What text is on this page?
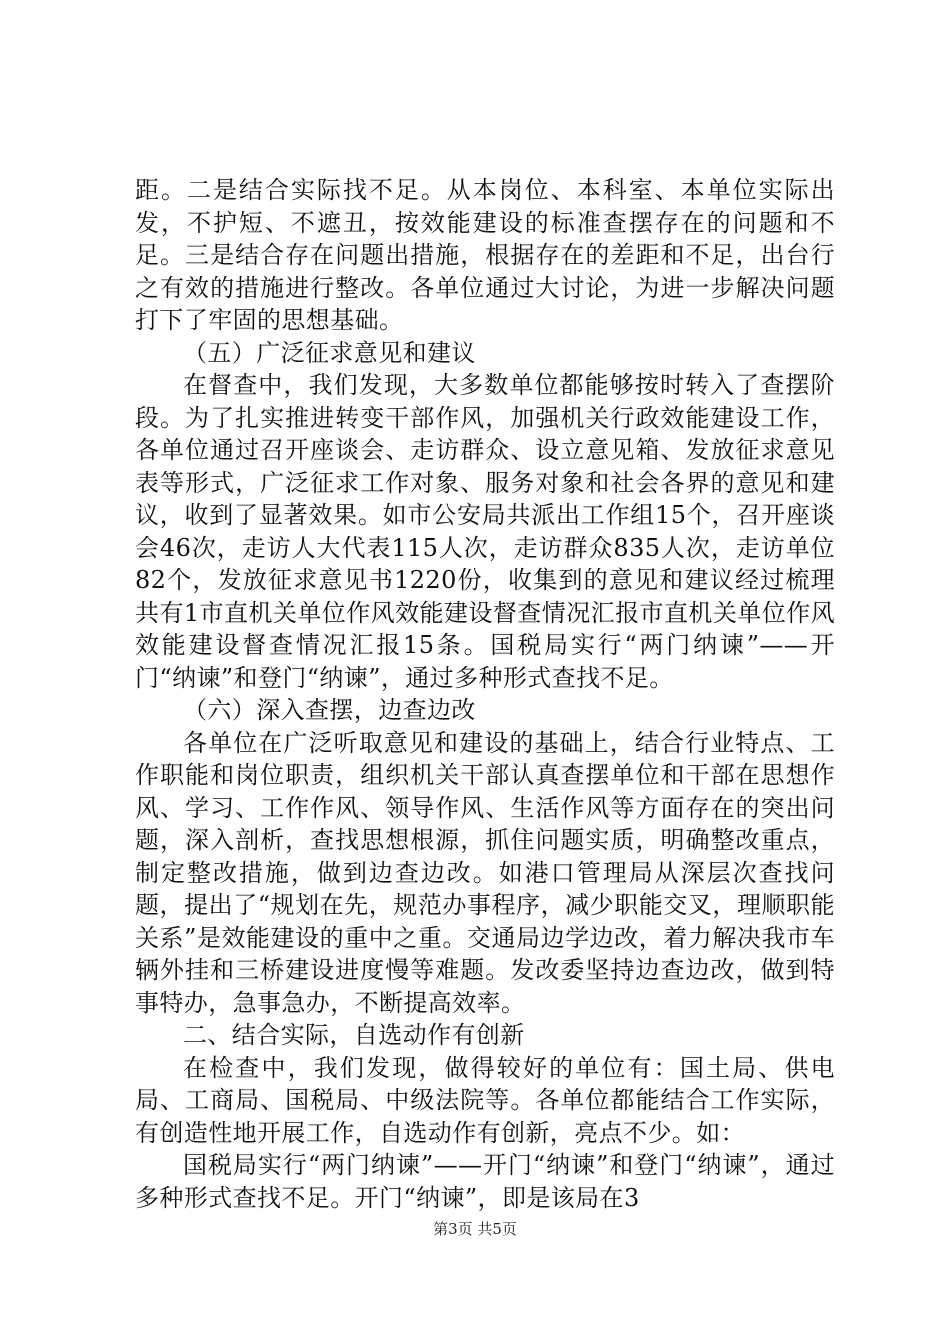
距。二是结合实际找不足。从本岗位、本科室、本单位实际出发，不护短、不遮丑，按效能建设的标准查摆存在的问题和不足。三是结合存在问题出措施，根据存在的差距和不足，出台行之有效的措施进行整改。各单位通过大讨论，为进一步解决问题打下了牢固的思想基础。

（五）广泛征求意见和建议

在督查中，我们发现，大多数单位都能够按时转入了查摆阶段。为了扎实推进转变干部作风，加强机关行政效能建设工作，各单位通过召开座谈会、走访群众、设立意见箱、发放征求意见表等形式，广泛征求工作对象、服务对象和社会各界的意见和建议，收到了显著效果。如市公安局共派出工作组15个，召开座谈会46次，走访人大代表115人次，走访群众835人次，走访单位82个，发放征求意见书1220份，收集到的意见和建议经过梳理共有1市直机关单位作风效能建设督查情况汇报市直机关单位作风效能建设督查情况汇报15条。国税局实行“两门纳谏”——开门“纳谏”和登门“纳谏”，通过多种形式查找不足。

（六）深入查摆，边查边改

各单位在广泛听取意见和建设的基础上，结合行业特点、工作职能和岗位职责，组织机关干部认真查摆单位和干部在思想作风、学习、工作作风、领导作风、生活作风等方面存在的突出问题，深入剖析，查找思想根源，抓住问题实质，明确整改重点，制定整改措施，做到边查边改。如港口管理局从深层次查找问题，提出了“规划在先，规范办事程序，减少职能交叉，理顺职能关系”是效能建设的重中之重。交通局边学边改，着力解决我市车辆外挂和三桥建设进度慢等难题。发改委坚持边查边改，做到特事特办，急事急办，不断提高效率。

二、结合实际，自选动作有创新

在检查中，我们发现，做得较好的单位有：国土局、供电局、工商局、国税局、中级法院等。各单位都能结合工作实际，有创造性地开展工作，自选动作有创新，亮点不少。如：

国税局实行“两门纳谏”——开门“纳谏”和登门“纳谏”，通过多种形式查找不足。开门“纳谏”，即是该局在3

第3页 共5页
